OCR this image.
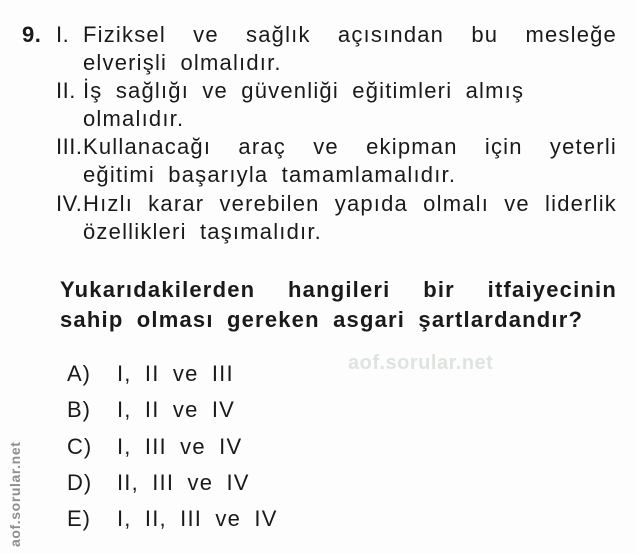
9. I. Fiziksel ve sağlık açısından bu mesleğe
elverişli olmalıdır.
II. İş sağlığı ve güvenliği eğitimleri almış
olmalıdır.
III. Kullanacağı araç ve ekipman için yeterli
eğitimi başarıyla tamamlamalıdır.
IV. Hızlı karar verebilen yapıda olmalı ve liderlik
özellikleri taşımalıdır.
Yukarıdakilerden hangileri bir itfaiyecinin
sahip olması gereken asgari şartlardandır?
A)	I, II ve III
B)	I, II ve IV
C)	I, III ve IV
D)	II, III ve IV
E)	I, II, III ve IV
aof.sorular.net
aof.sorular.net
